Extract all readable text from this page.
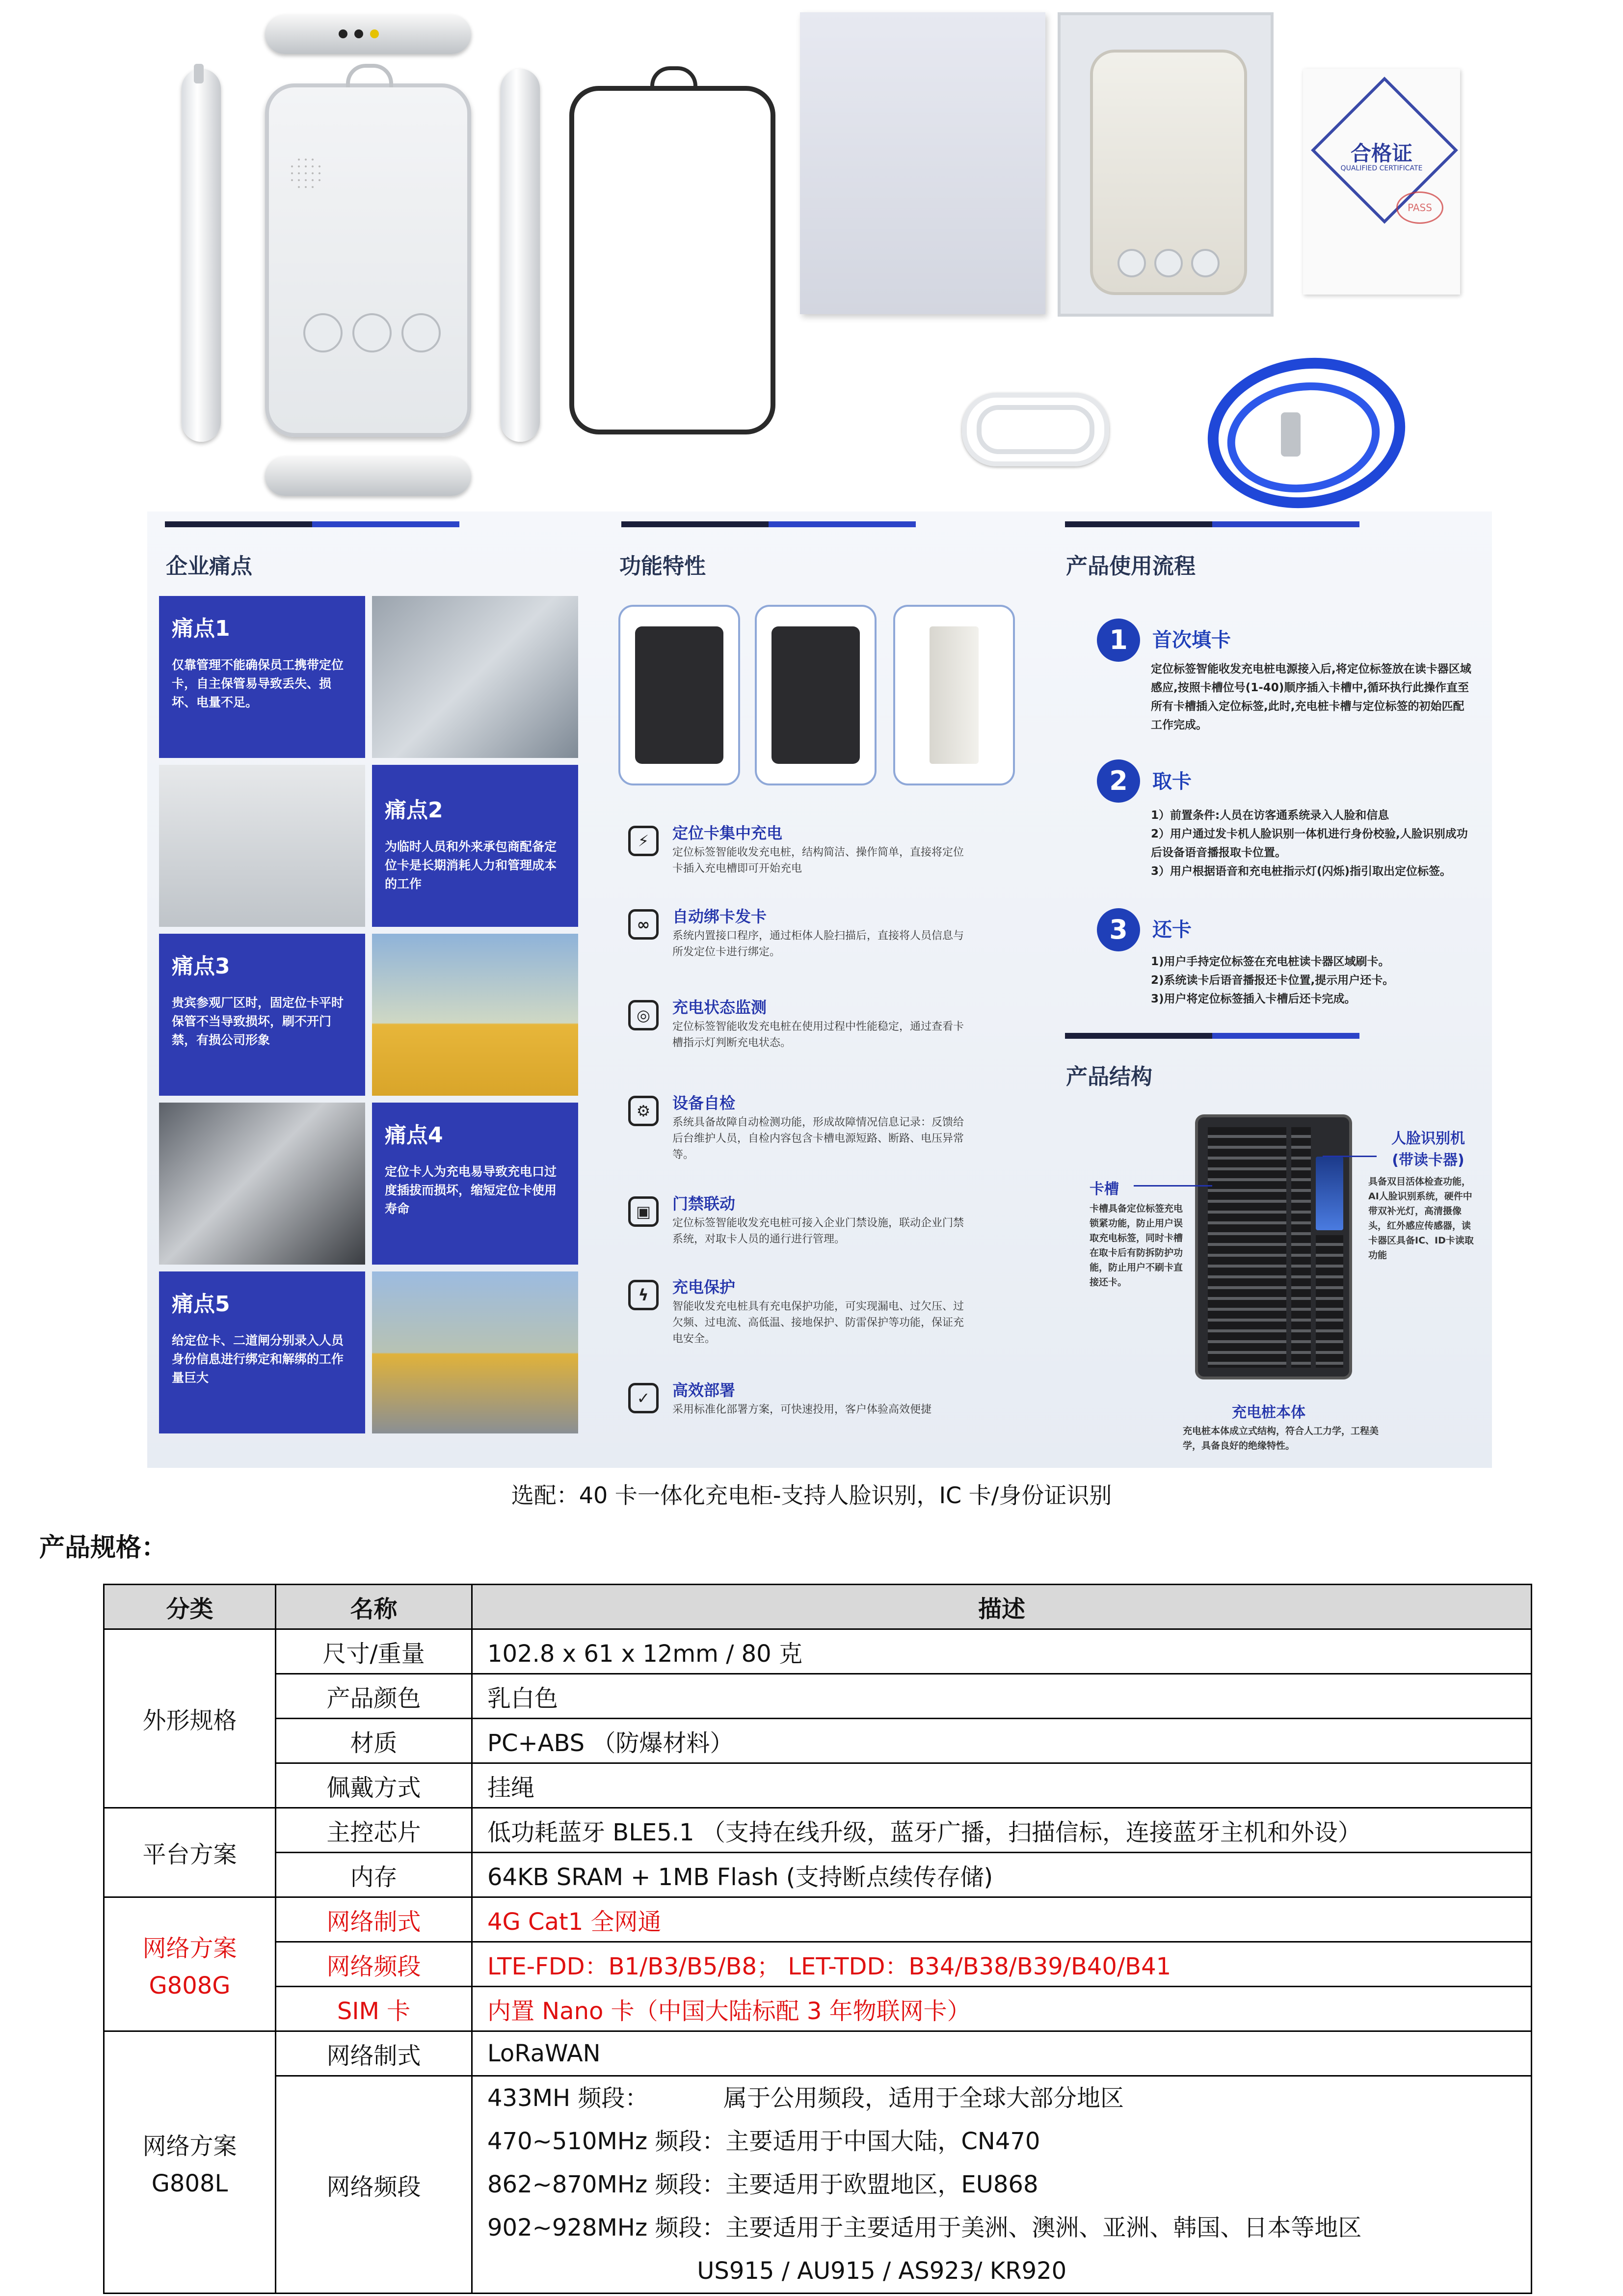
合格证
QUALIFIED CERTIFICATE
PASS
企业痛点
痛点1

仅靠管理不能确保员工携带定位卡，自主保管易导致丢失、损坏、电量不足。

痛点2

为临时人员和外来承包商配备定位卡是长期消耗人力和管理成本的工作

痛点3

贵宾参观厂区时，固定位卡平时保管不当导致损坏，刷不开门禁，有损公司形象

痛点4

定位卡人为充电易导致充电口过度插拔而损坏，缩短定位卡使用寿命

痛点5

给定位卡、二道闸分别录入人员身份信息进行绑定和解绑的工作量巨大

功能特性
⚡	定位卡集中充电
定位标签智能收发充电桩，结构简洁、操作简单，直接将定位卡插入充电槽即可开始充电
∞	自动绑卡发卡
系统内置接口程序，通过柜体人脸扫描后，直接将人员信息与所发定位卡进行绑定。
◎	充电状态监测
定位标签智能收发充电桩在使用过程中性能稳定，通过查看卡槽指示灯判断充电状态。
⚙	设备自检
系统具备故障自动检测功能，形成故障情况信息记录：反馈给后台维护人员，自检内容包含卡槽电源短路、断路、电压异常等。
▣	门禁联动
定位标签智能收发充电桩可接入企业门禁设施，联动企业门禁系统，对取卡人员的通行进行管理。
ϟ	充电保护
智能收发充电桩具有充电保护功能，可实现漏电、过欠压、过欠频、过电流、高低温、接地保护、防雷保护等功能，保证充电安全。
✓	高效部署
采用标准化部署方案，可快速投用，客户体验高效便捷
产品使用流程
1	首次填卡
定位标签智能收发充电桩电源接入后,将定位标签放在读卡器区域感应,按照卡槽位号(1-40)顺序插入卡槽中,循环执行此操作直至所有卡槽插入定位标签,此时,充电桩卡槽与定位标签的初始匹配工作完成。
2	取卡
1）前置条件:人员在访客通系统录入人脸和信息
2）用户通过发卡机人脸识别一体机进行身份校验,人脸识别成功后设备语音播报取卡位置。
3）用户根据语音和充电桩指示灯(闪烁)指引取出定位标签。
3	还卡
1)用户手持定位标签在充电桩读卡器区域刷卡。
2)系统读卡后语音播报还卡位置,提示用户还卡。
3)用户将定位标签插入卡槽后还卡完成。
产品结构
人脸识别机
(带读卡器)
具备双目活体检查功能，AI人脸识别系统，硬件中带双补光灯，高清摄像头，红外感应传感器，读卡器区具备IC、ID卡读取功能
卡槽
卡槽具备定位标签充电锁紧功能，防止用户误取充电标签，同时卡槽在取卡后有防拆防护功能，防止用户不刷卡直接还卡。
充电桩本体
充电桩本体成立式结构，符合人工力学，工程美学，具备良好的绝缘特性。
选配：40 卡一体化充电柜-支持人脸识别，IC 卡/身份证识别
产品规格：
分类	名称	描述
外形规格	尺寸/重量	102.8 x 61 x 12mm / 80 克
	产品颜色	乳白色
	材质	PC+ABS （防爆材料）
	佩戴方式	挂绳
平台方案	主控芯片	低功耗蓝牙 BLE5.1 （支持在线升级，蓝牙广播，扫描信标，连接蓝牙主机和外设）
	内存	64KB SRAM + 1MB Flash (支持断点续传存储)

网络方案
G808G	网络制式	4G Cat1 全网通
	网络频段	LTE-FDD：B1/B3/B5/B8； LET-TDD：B34/B38/B39/B40/B41
	SIM 卡	内置 Nano 卡（中国大陆标配 3 年物联网卡）

网络方案
G808L	网络制式	LoRaWAN
	网络频段	433MH 频段：          属于公用频段，适用于全球大部分地区
470~510MHz 频段：主要适用于中国大陆，CN470
862~870MHz 频段：主要适用于欧盟地区，EU868
902~928MHz 频段：主要适用于主要适用于美洲、澳洲、亚洲、韩国、日本等地区
US915 / AU915 / AS923/ KR920
